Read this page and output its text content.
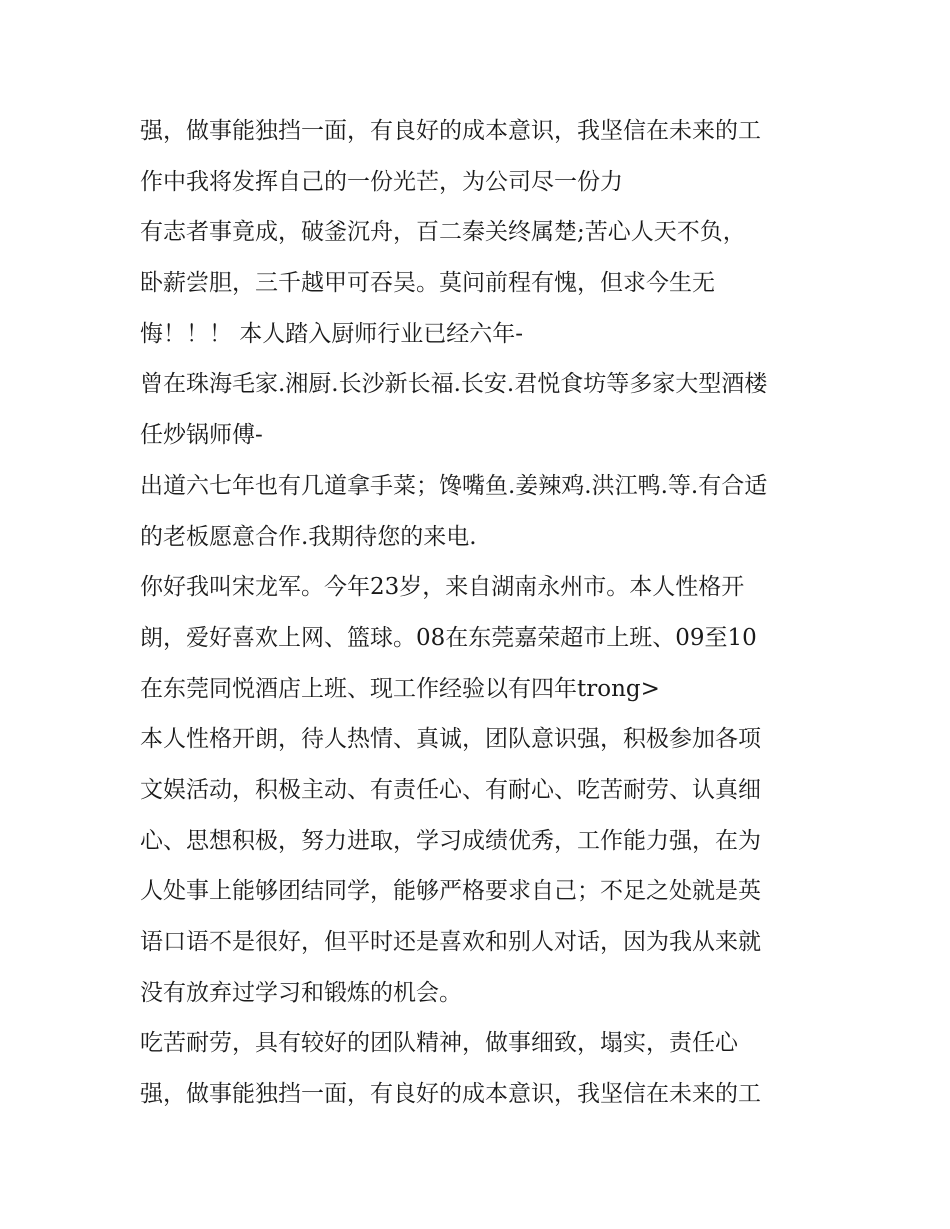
强，做事能独挡一面，有良好的成本意识，我坚信在未来的工
作中我将发挥自己的一份光芒，为公司尽一份力
有志者事竟成，破釜沉舟，百二秦关终属楚;苦心人天不负，
卧薪尝胆，三千越甲可吞吴。莫问前程有愧，但求今生无
悔！！！ 本人踏入厨师行业已经六年-
曾在珠海毛家.湘厨.长沙新长福.长安.君悦食坊等多家大型酒楼
任炒锅师傅-
出道六七年也有几道拿手菜；馋嘴鱼.姜辣鸡.洪江鸭.等.有合适
的老板愿意合作.我期待您的来电.
你好我叫宋龙军。今年23岁，来自湖南永州市。本人性格开
朗，爱好喜欢上网、篮球。08在东莞嘉荣超市上班、09至10
在东莞同悦酒店上班、现工作经验以有四年trong>
本人性格开朗，待人热情、真诚，团队意识强，积极参加各项
文娱活动，积极主动、有责任心、有耐心、吃苦耐劳、认真细
心、思想积极，努力进取，学习成绩优秀，工作能力强，在为
人处事上能够团结同学，能够严格要求自己；不足之处就是英
语口语不是很好，但平时还是喜欢和别人对话，因为我从来就
没有放弃过学习和锻炼的机会。
吃苦耐劳，具有较好的团队精神，做事细致，塌实，责任心
强，做事能独挡一面，有良好的成本意识，我坚信在未来的工
